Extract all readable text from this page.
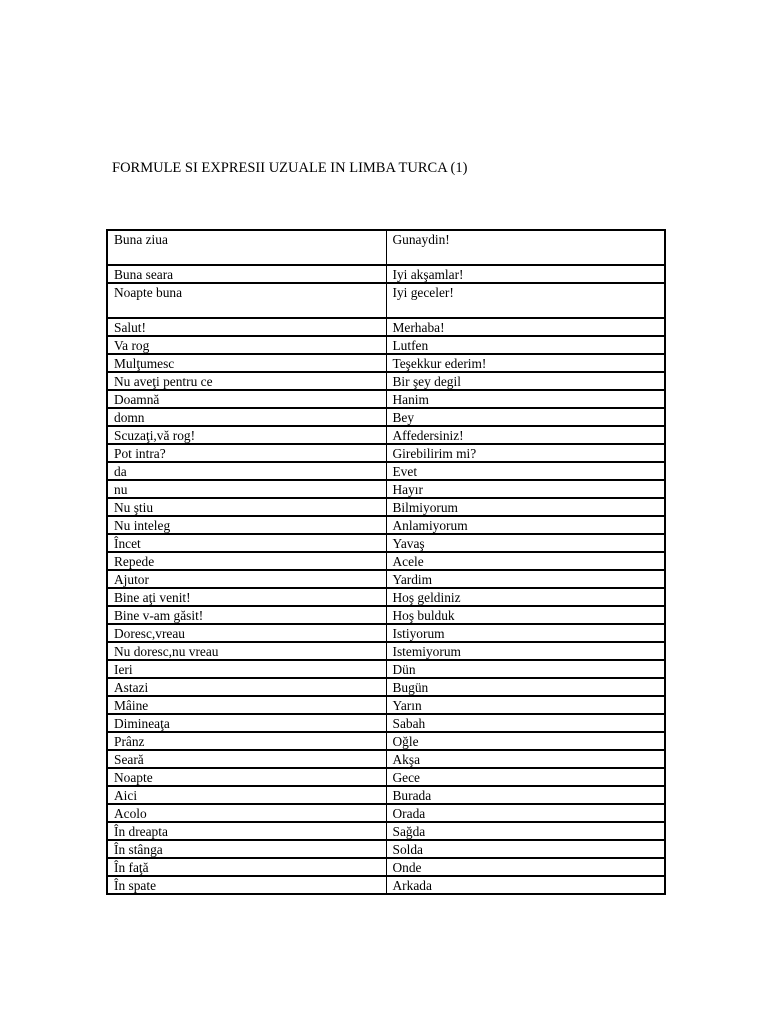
FORMULE SI EXPRESII UZUALE IN LIMBA TURCA (1)
Buna ziua	Gunaydin!
Buna seara	Iyi akşamlar!
Noapte buna	Iyi geceler!
Salut!	Merhaba!
Va rog	Lutfen
Mulţumesc	Teşekkur ederim!
Nu aveţi pentru ce	Bir şey degil
Doamnă	Hanim
domn	Bey
Scuzaţi,vă rog!	Affedersiniz!
Pot intra?	Girebilirim mi?
da	Evet
nu	Hayır
Nu ştiu	Bilmiyorum
Nu inteleg	Anlamiyorum
Încet	Yavaş
Repede	Acele
Ajutor	Yardim
Bine aţi venit!	Hoş geldiniz
Bine v-am găsit!	Hoş bulduk
Doresc,vreau	Istiyorum
Nu doresc,nu vreau	Istemiyorum
Ieri	Dün
Astazi	Bugün
Mâine	Yarın
Dimineaţa	Sabah
Prânz	Oğle
Seară	Akşa
Noapte	Gece
Aici	Burada
Acolo	Orada
În dreapta	Sağda
În stânga	Solda
În faţă	Onde
În spate	Arkada
